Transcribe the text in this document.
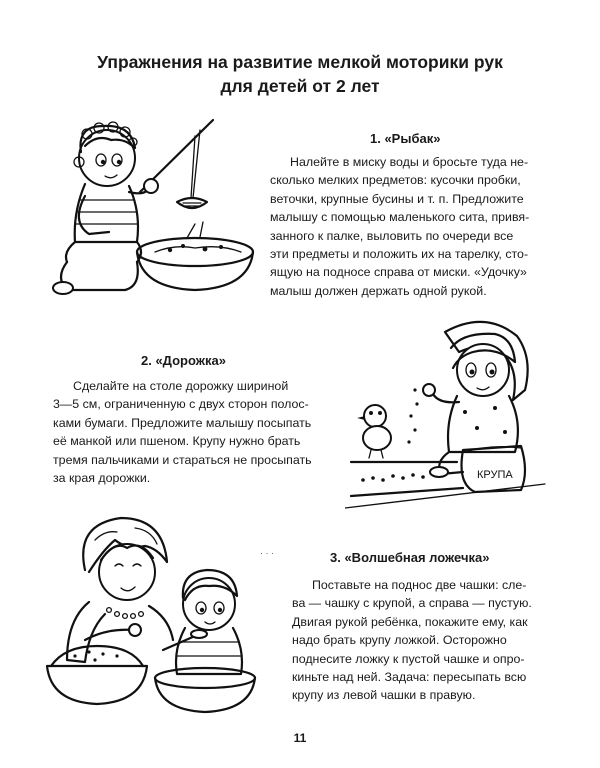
Упражнения на развитие мелкой моторики рук
для детей от 2 лет
1. «Рыбак»
Налейте в миску воды и бросьте туда не-
сколько мелких предметов: кусочки пробки,
веточки, крупные бусины и т. п. Предложите
малышу с помощью маленького сита, привя-
занного к палке, выловить по очереди все
эти предметы и положить их на тарелку, сто-
ящую на подносе справа от миски. «Удочку»
малыш должен держать одной рукой.
2. «Дорожка»
Сделайте на столе дорожку шириной
3—5 см, ограниченную с двух сторон полос-
ками бумаги. Предложите малышу посыпать
её манкой или пшеном. Крупу нужно брать
тремя пальчиками и стараться не просыпать
за края дорожки.
3. «Волшебная ложечка»
Поставьте на поднос две чашки: сле-
ва — чашку с крупой, а справа — пустую.
Двигая рукой ребёнка, покажите ему, как
надо брать крупу ложкой. Осторожно
поднесите ложку к пустой чашке и опро-
киньте над ней. Задача: пересыпать всю
крупу из левой чашки в правую.
КРУПА
· · ·
11
